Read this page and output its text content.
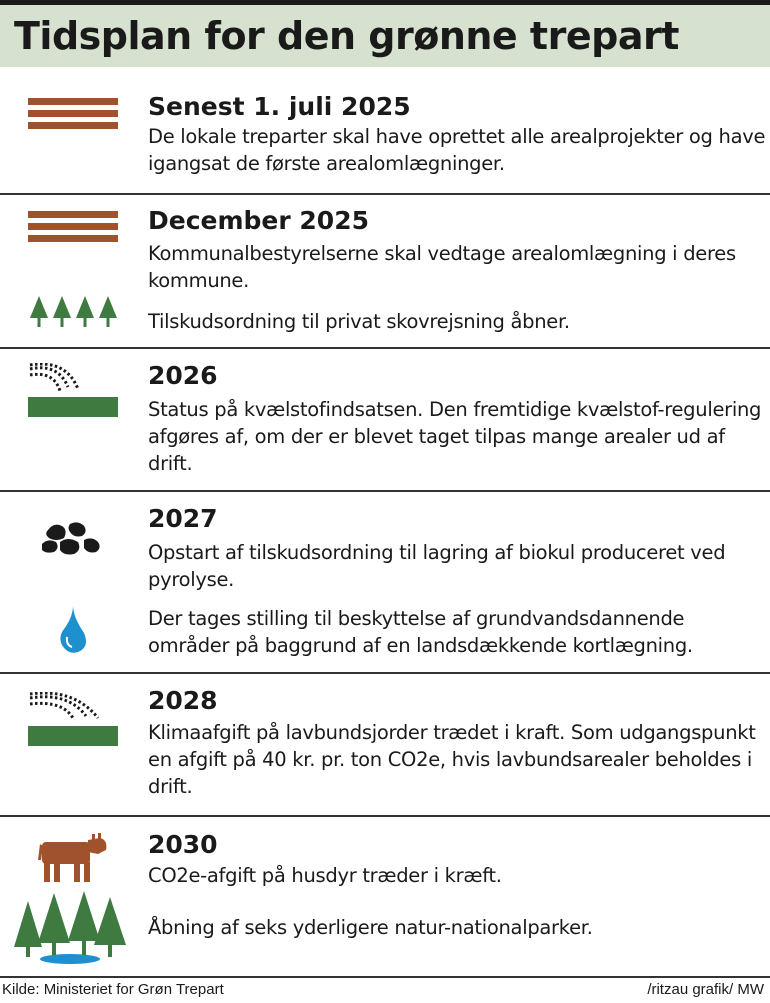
Tidsplan for den grønne trepart
Senest 1. juli 2025
De lokale treparter skal have oprettet alle arealprojekter og have igangsat de første arealomlægninger.
December 2025
Kommunalbestyrelserne skal vedtage arealomlægning i deres kommune.
Tilskudsordning til privat skovrejsning åbner.
2026
Status på kvælstofindsatsen. Den fremtidige kvælstof-regulering afgøres af, om der er blevet taget tilpas mange arealer ud af drift.
2027
Opstart af tilskudsordning til lagring af biokul produceret ved pyrolyse.
Der tages stilling til beskyttelse af grundvandsdannende områder på baggrund af en landsdækkende kortlægning.
2028
Klimaafgift på lavbundsjorder trædet i kraft. Som udgangspunkt en afgift på 40 kr. pr. ton CO2e, hvis lavbundsarealer beholdes i drift.
2030
CO2e-afgift på husdyr træder i kræft.
Åbning af seks yderligere natur-nationalparker.
Kilde: Ministeriet for Grøn Trepart	/ritzau grafik/ MW
